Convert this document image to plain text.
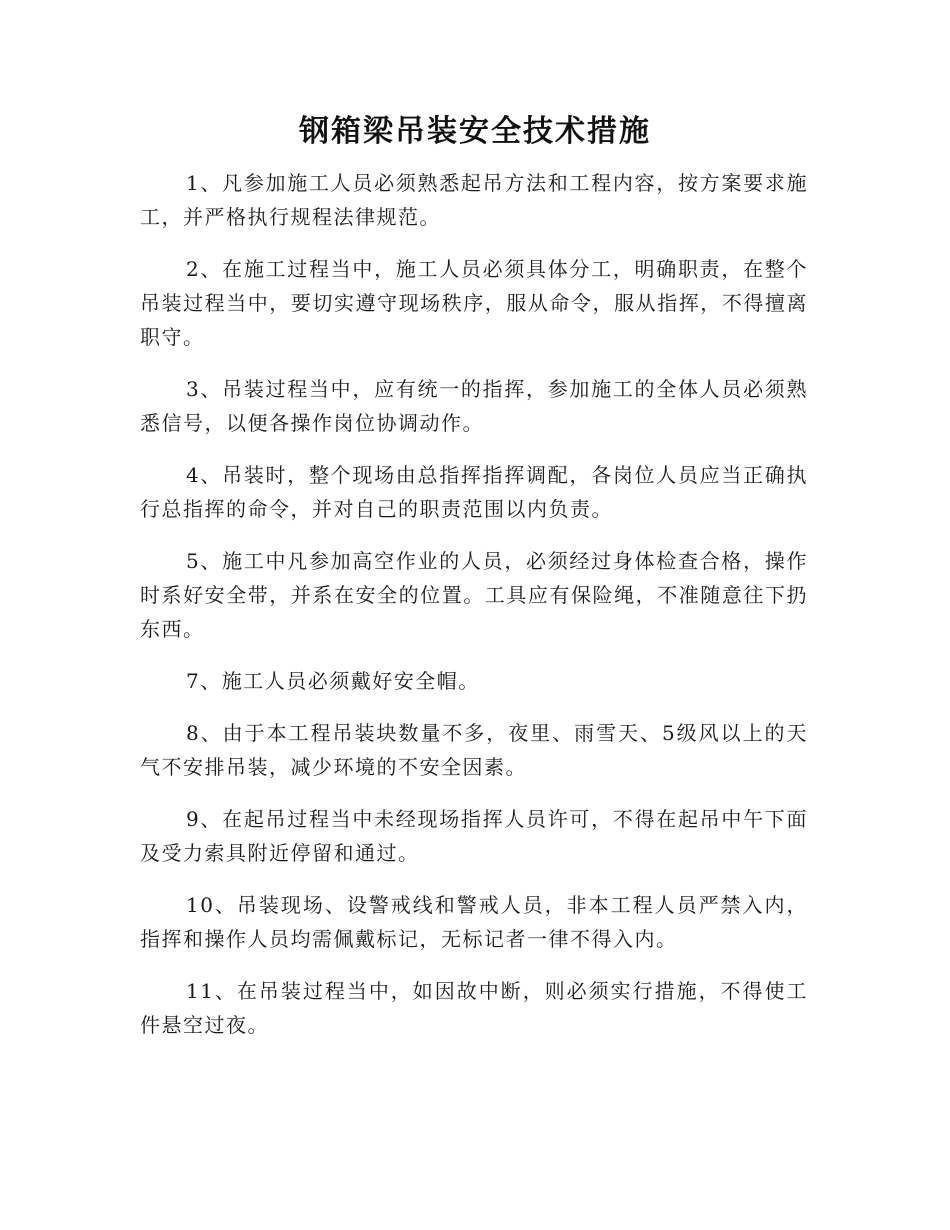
钢箱梁吊装安全技术措施

1、凡参加施工人员必须熟悉起吊方法和工程内容，按方案要求施工，并严格执行规程法律规范。

2、在施工过程当中，施工人员必须具体分工，明确职责，在整个吊装过程当中，要切实遵守现场秩序，服从命令，服从指挥，不得擅离职守。

3、吊装过程当中，应有统一的指挥，参加施工的全体人员必须熟悉信号，以便各操作岗位协调动作。

4、吊装时，整个现场由总指挥指挥调配，各岗位人员应当正确执行总指挥的命令，并对自己的职责范围以内负责。

5、施工中凡参加高空作业的人员，必须经过身体检查合格，操作时系好安全带，并系在安全的位置。工具应有保险绳，不准随意往下扔东西。

7、施工人员必须戴好安全帽。

8、由于本工程吊装块数量不多，夜里、雨雪天、5级风以上的天气不安排吊装，减少环境的不安全因素。

9、在起吊过程当中未经现场指挥人员许可，不得在起吊中午下面及受力索具附近停留和通过。

10、吊装现场、设警戒线和警戒人员，非本工程人员严禁入内，指挥和操作人员均需佩戴标记，无标记者一律不得入内。

11、在吊装过程当中，如因故中断，则必须实行措施，不得使工件悬空过夜。
